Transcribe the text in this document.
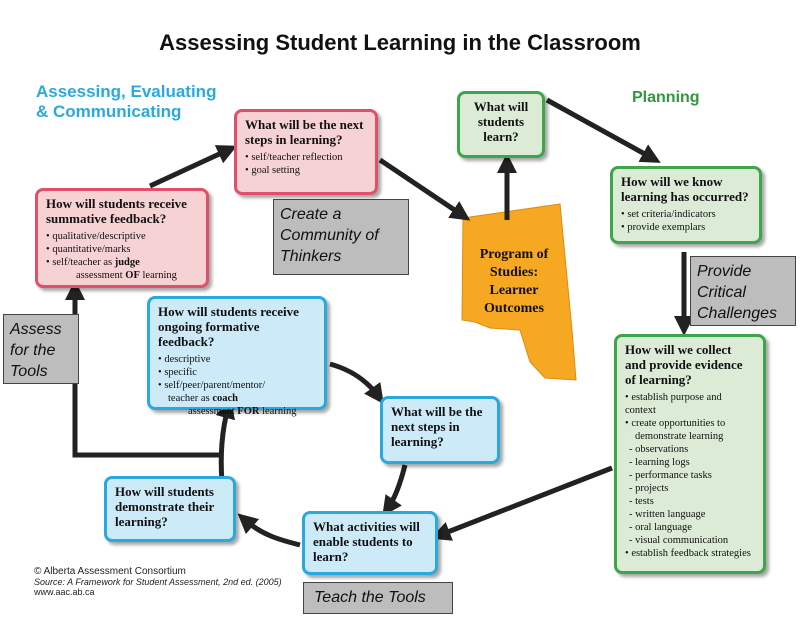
Assessing Student Learning in the Classroom
Assessing, Evaluating
& Communicating
Planning
Program of
Studies:
Learner
Outcomes
What will be the next
steps in learning?
• self/teacher reflection
• goal setting
How will students receive
summative feedback?
• qualitative/descriptive
• quantitative/marks
• self/teacher as judge
assessment OF learning
What will
students
learn?
How will we know
learning has occurred?
• set criteria/indicators
• provide exemplars
How will students receive
ongoing formative feedback?
• descriptive
• specific
• self/peer/parent/mentor/
teacher as coach
assessment FOR learning	What will be the
next steps in
learning?
How will we collect
and provide evidence
of learning?
• establish purpose and context
• create opportunities to
demonstrate learning
- observations
- learning logs
- performance tasks
- projects
- tests
- written language
- oral language
- visual communication
• establish feedback strategies
How will students
demonstrate their
learning?	What activities will
enable students to
learn?
Create a
Community of
Thinkers
Provide
Critical
Challenges
Assess
for the
Tools
Teach the Tools
© Alberta Assessment Consortium
Source: A Framework for Student Assessment, 2nd ed. (2005)
www.aac.ab.ca
